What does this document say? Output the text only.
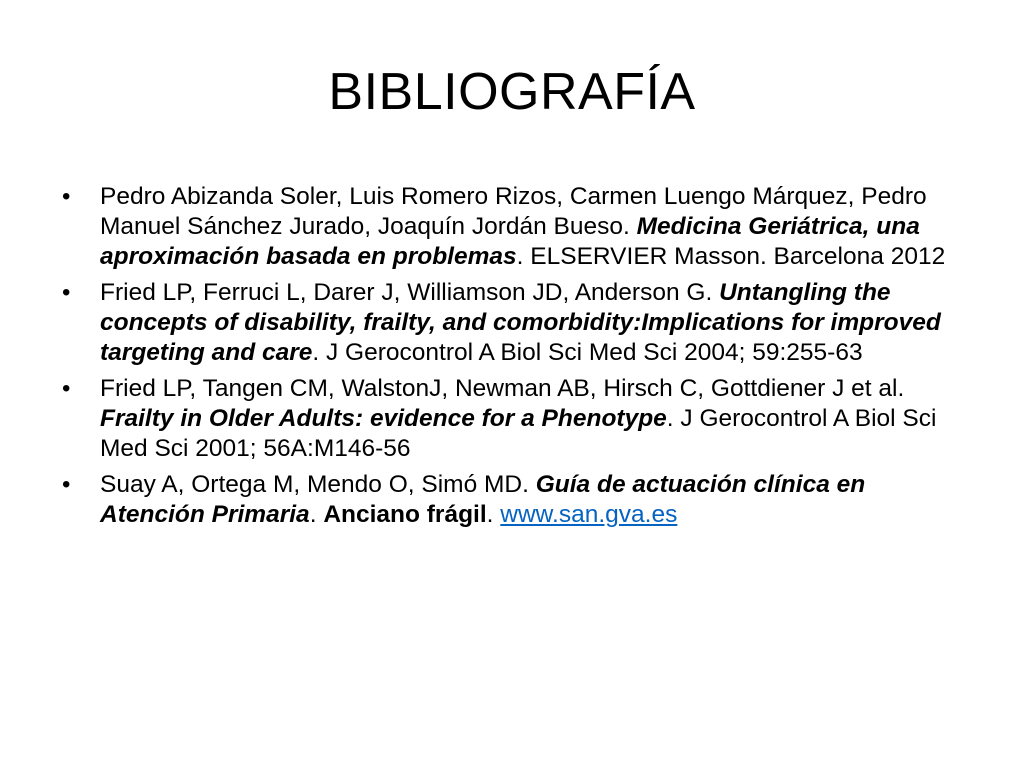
BIBLIOGRAFÍA
• Pedro Abizanda Soler, Luis Romero Rizos, Carmen Luengo Márquez, Pedro Manuel Sánchez Jurado, Joaquín Jordán Bueso. Medicina Geriátrica, una aproximación basada en problemas. ELSERVIER Masson. Barcelona 2012
• Fried LP, Ferruci L, Darer J, Williamson JD, Anderson G. Untangling the concepts of disability, frailty, and comorbidity:Implications for improved targeting and care. J Gerocontrol A Biol Sci Med Sci 2004; 59:255-63
• Fried LP, Tangen CM, WalstonJ, Newman AB, Hirsch C, Gottdiener J et al. Frailty in Older Adults: evidence for a Phenotype. J Gerocontrol A Biol Sci Med Sci 2001; 56A:M146-56
• Suay A, Ortega M, Mendo O, Simó MD. Guía de actuación clínica en Atención Primaria. Anciano frágil. www.san.gva.es
